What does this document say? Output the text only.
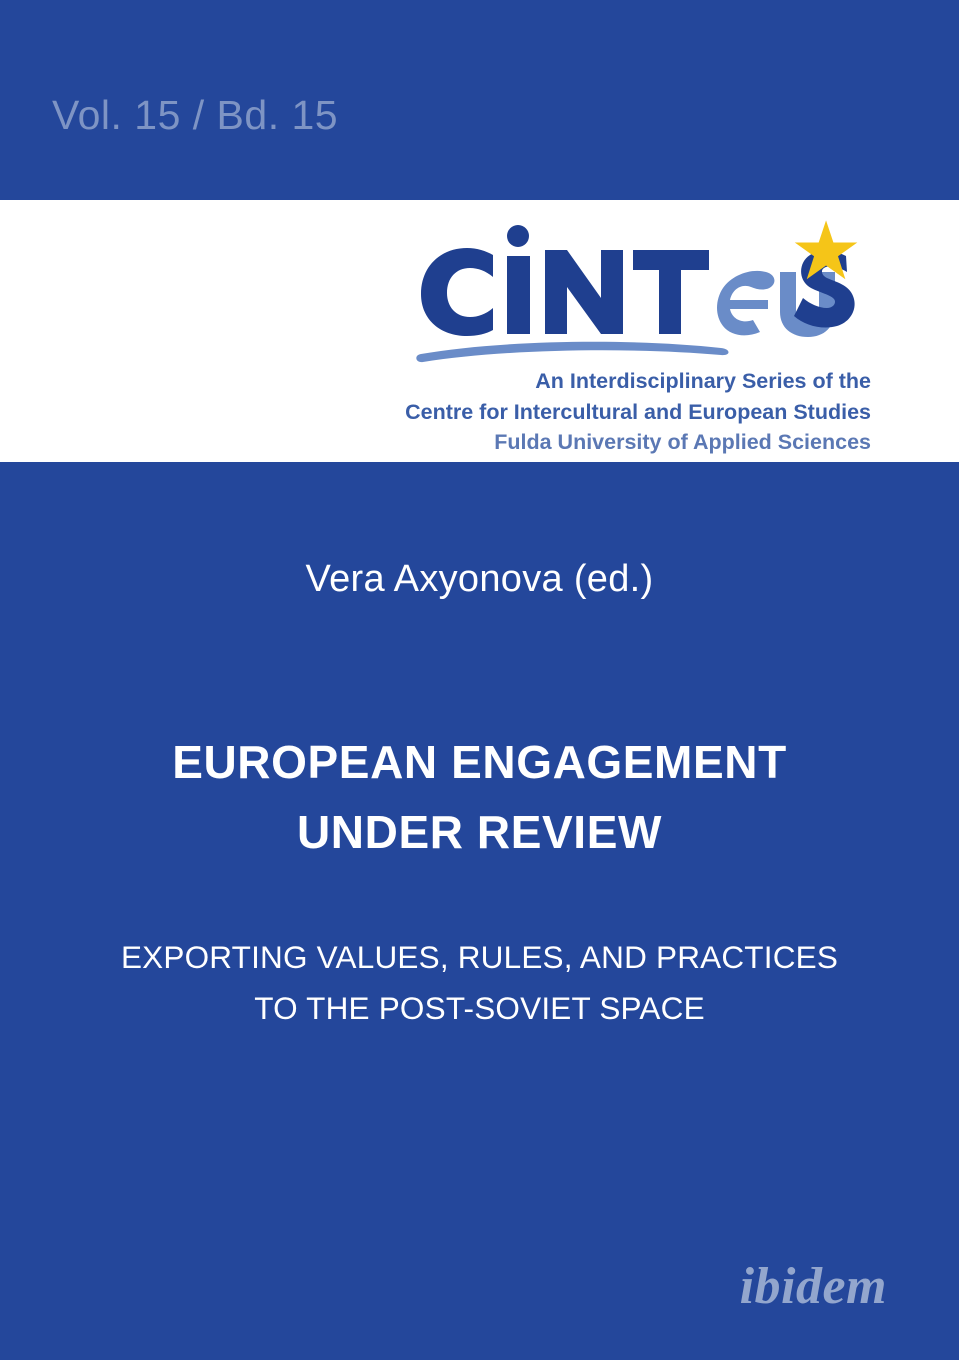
Vol. 15 / Bd. 15
An Interdisciplinary Series of the
Centre for Intercultural and European Studies
Fulda University of Applied Sciences
Vera Axyonova (ed.)
EUROPEAN ENGAGEMENT
UNDER REVIEW
EXPORTING VALUES, RULES, AND PRACTICES
TO THE POST-SOVIET SPACE
ibidem
